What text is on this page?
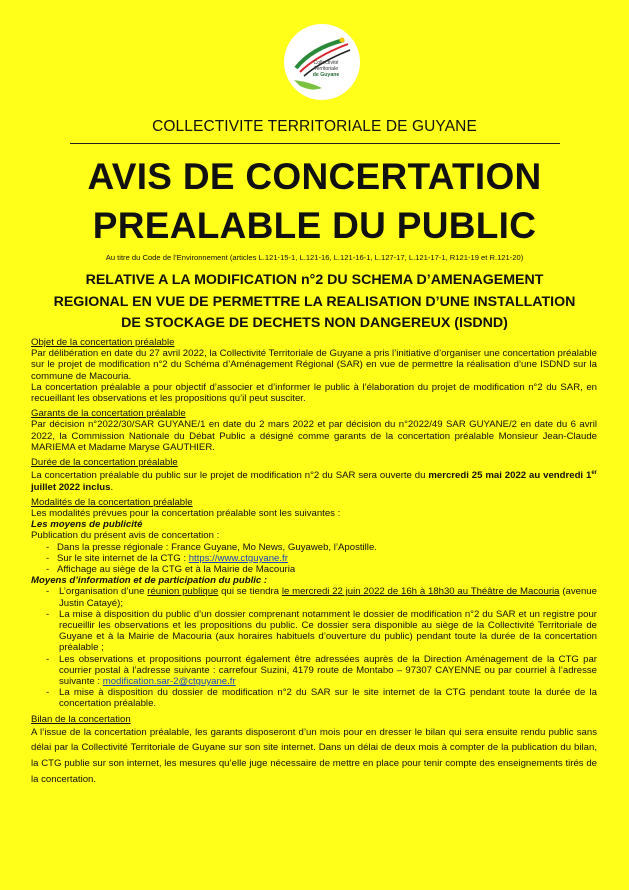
Collectivité
Territoriale
de Guyane
COLLECTIVITE TERRITORIALE DE GUYANE
AVIS DE CONCERTATION
PREALABLE DU PUBLIC
Au titre du Code de l’Environnement (articles L.121-15-1, L.121-16, L.121-16-1, L.127-17, L.121-17-1, R121-19 et R.121-20)
RELATIVE A LA MODIFICATION n°2 DU SCHEMA D’AMENAGEMENT
REGIONAL EN VUE DE PERMETTRE LA REALISATION D’UNE INSTALLATION
DE STOCKAGE DE DECHETS NON DANGEREUX (ISDND)

Objet de la concertation préalable

Par délibération en date du 27 avril 2022, la Collectivité Territoriale de Guyane a pris l’initiative d’organiser une concertation préalable sur le projet de modification n°2 du Schéma d’Aménagement Régional (SAR) en vue de permettre la réalisation d’une ISDND sur la commune de Macouria.

La concertation préalable a pour objectif d’associer et d’informer le public à l’élaboration du projet de modification n°2 du SAR, en recueillant les observations et les propositions qu’il peut susciter.

Garants de la concertation préalable

Par décision n°2022/30/SAR GUYANE/1 en date du 2 mars 2022 et par décision du n°2022/49 SAR GUYANE/2 en date du 6 avril 2022, la Commission Nationale du Débat Public a désigné comme garants de la concertation préalable Monsieur Jean-Claude MARIEMA et Madame Maryse GAUTHIER.

Durée de la concertation préalable

La concertation préalable du public sur le projet de modification n°2 du SAR sera ouverte du mercredi 25 mai 2022 au vendredi 1er juillet 2022 inclus.

Modalités de la concertation préalable

Les modalités prévues pour la concertation préalable sont les suivantes :

Les moyens de publicité

Publication du présent avis de concertation :

- Dans la presse régionale : France Guyane, Mo News, Guyaweb, l’Apostille.
- Sur le site internet de la CTG : https://www.ctguyane.fr
- Affichage au siège de la CTG et à la Mairie de Macouria

Moyens d’information et de participation du public :

- L’organisation d’une réunion publique qui se tiendra le mercredi 22 juin 2022 de 16h à 18h30 au Théâtre de Macouria (avenue Justin Catayé);
- La mise à disposition du public d’un dossier comprenant notamment le dossier de modification n°2 du SAR et un registre pour recueillir les observations et les propositions du public. Ce dossier sera disponible au siège de la Collectivité Territoriale de Guyane et à la Mairie de Macouria (aux horaires habituels d’ouverture du public) pendant toute la durée de la concertation préalable ;
- Les observations et propositions pourront également être adressées auprès de la Direction Aménagement de la CTG par courrier postal à l’adresse suivante : carrefour Suzini, 4179 route de Montabo – 97307 CAYENNE ou par courriel à l’adresse suivante : modification.sar-2@ctguyane.fr
- La mise à disposition du dossier de modification n°2 du SAR sur le site internet de la CTG pendant toute la durée de la concertation préalable.

Bilan de la concertation

A l’issue de la concertation préalable, les garants disposeront d’un mois pour en dresser le bilan qui sera ensuite rendu public sans délai par la Collectivité Territoriale de Guyane sur son site internet. Dans un délai de deux mois à compter de la publication du bilan, la CTG publie sur son internet, les mesures qu’elle juge nécessaire de mettre en place pour tenir compte des enseignements tirés de la concertation.
